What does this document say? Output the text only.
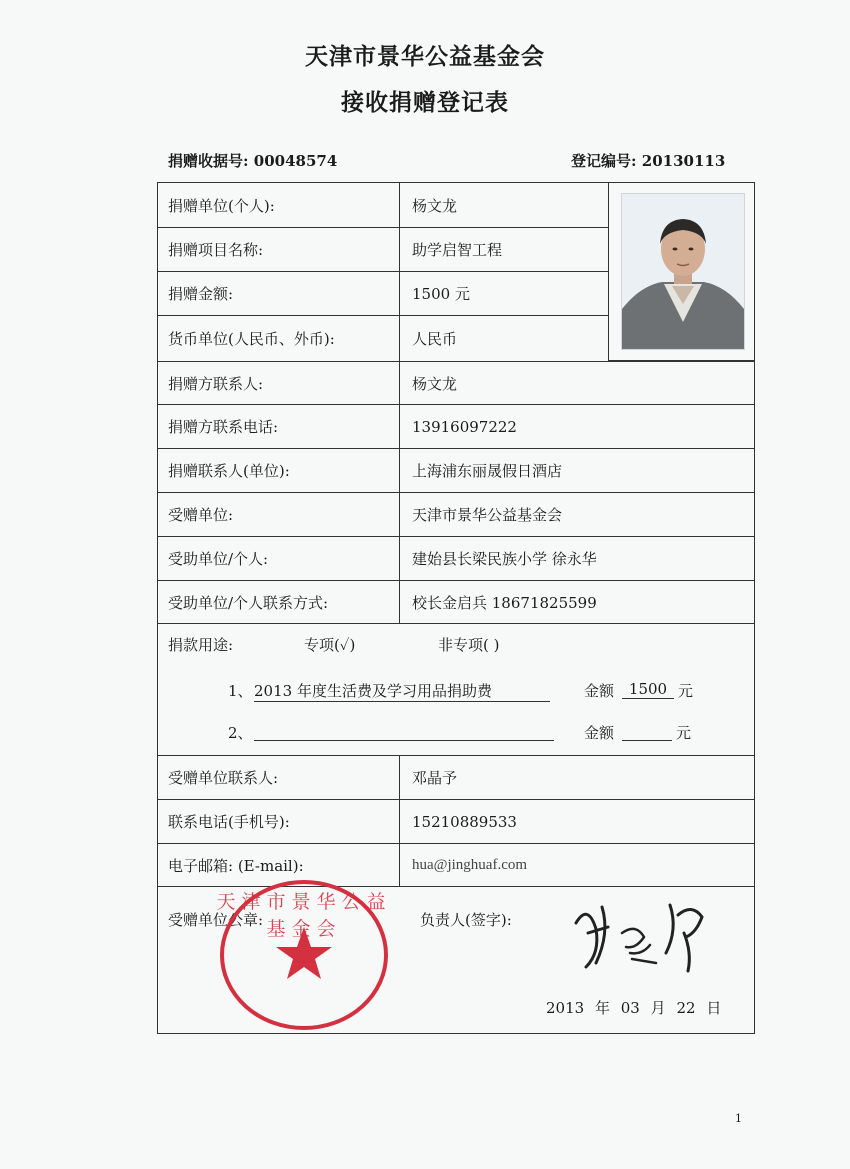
天津市景华公益基金会
接收捐赠登记表
捐赠收据号: 00048574	登记编号: 20130113
捐赠单位(个人):	杨文龙
捐赠项目名称:	助学启智工程
捐赠金额:	1500 元
货币单位(人民币、外币):	人民币
捐赠方联系人:	杨文龙
捐赠方联系电话:	13916097222
捐赠联系人(单位):	上海浦东丽晟假日酒店
受赠单位:	天津市景华公益基金会
受助单位/个人:	建始县长梁民族小学 徐永华
受助单位/个人联系方式:	校长金启兵 18671825599
捐款用途:	专项(✓)	非专项( )
1、 2013 年度生活费及学习用品捐助费	金额 1500 元
2、	金额	元
受赠单位联系人:	邓晶予
联系电话(手机号):	15210889533
电子邮箱: (E-mail):	hua@jinghuaf.com
受赠单位公章:	负责人(签字):
天津市景华公益基金会
2013 年 03 月 22 日
1
